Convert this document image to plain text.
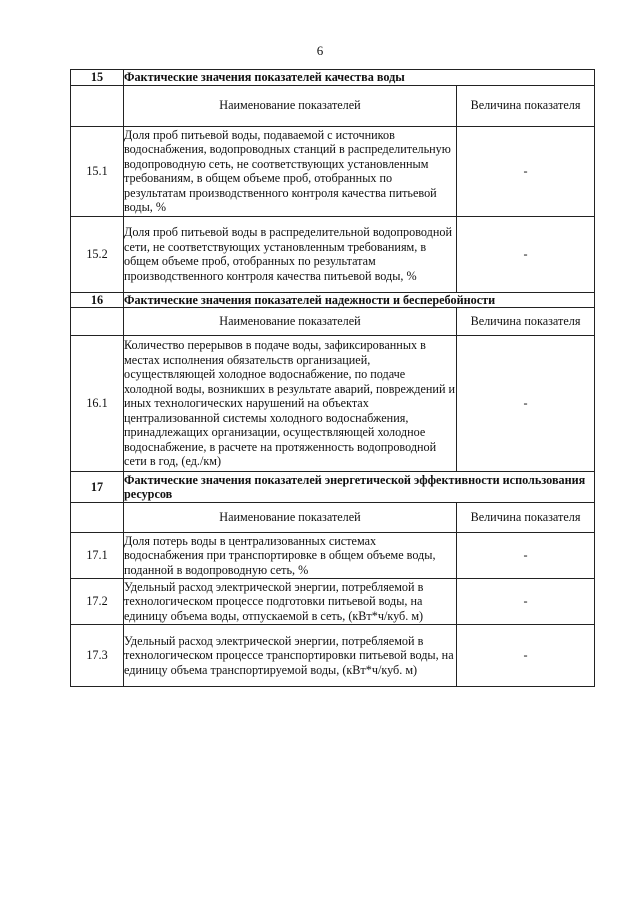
6
15	Фактические значения показателей качества воды	
	Наименование показателей	Величина показателя
15.1	Доля проб питьевой воды, подаваемой с источников водоснабжения, водопроводных станций в распределительную водопроводную сеть, не соответствующих установленным требованиям, в общем объеме проб, отобранных по результатам производственного контроля качества питьевой воды, %	-
15.2	Доля проб питьевой воды в распределительной водопроводной сети, не соответствующих установленным требованиям, в общем объеме проб, отобранных по результатам производственного контроля качества питьевой воды, %	-
16	Фактические значения показателей надежности и бесперебойности	
	Наименование показателей	Величина показателя
16.1	Количество перерывов в подаче воды, зафиксированных в местах исполнения обязательств организацией, осуществляющей холодное водоснабжение, по подаче холодной воды, возникших в результате аварий, повреждений и иных технологических нарушений на объектах централизованной системы холодного водоснабжения, принадлежащих организации, осуществляющей холодное водоснабжение, в расчете на протяженность водопроводной сети в год, (ед./км)	-
17	Фактические значения показателей энергетической эффективности использования ресурсов	
	Наименование показателей	Величина показателя
17.1	Доля потерь воды в централизованных системах водоснабжения при транспортировке в общем объеме воды, поданной в водопроводную сеть, %	-
17.2	Удельный расход электрической энергии, потребляемой в технологическом процессе подготовки питьевой воды, на единицу объема воды, отпускаемой в сеть, (кВт*ч/куб. м)	-
17.3	Удельный расход электрической энергии, потребляемой в технологическом процессе транспортировки питьевой воды, на единицу объема транспортируемой воды, (кВт*ч/куб. м)	-
